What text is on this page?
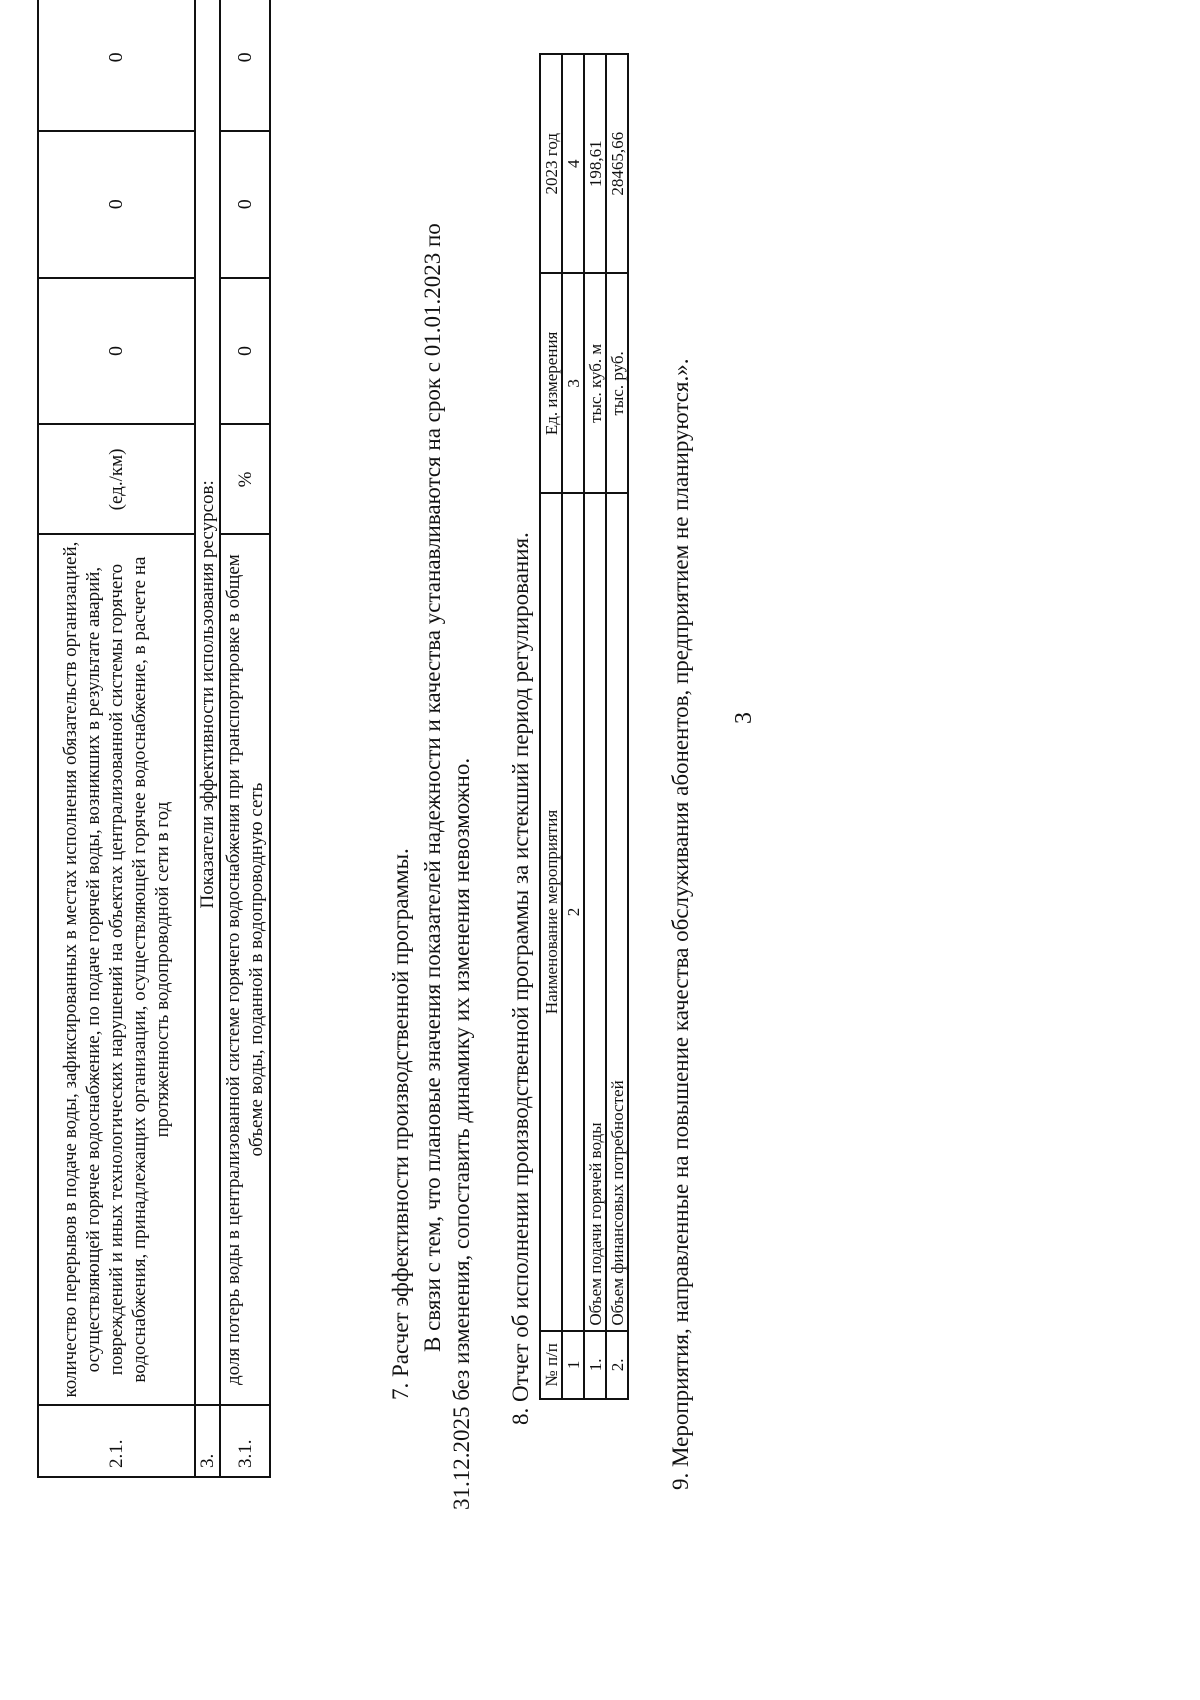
3
2.1.	количество перерывов в подаче воды, зафиксированных в местах исполнения обязательств организацией, осуществляющей горячее водоснабжение, по подаче горячей воды, возникших в результате аварий, повреждений и иных технологических нарушений на объектах централизованной системы горячего водоснабжения, принадлежащих организации, осуществляющей горячее водоснабжение, в расчете на протяженность водопроводной сети в год	(ед./км)	0	0	0
3.	Показатели эффективности использования ресурсов:				
3.1.	доля потерь воды в централизованной системе горячего водоснабжения при транспортировке в общем объеме воды, поданной в водопроводную сеть	%	0	0	0
7. Расчет эффективности производственной программы. В связи с тем, что плановые значения показателей надежности и качества устанавливаются на срок с 01.01.2023 по 31.12.2025 без изменения, сопоставить динамику их изменения невозможно. 8. Отчет об исполнении производственной программы за истекший период регулирования. № п/п	Наименование мероприятия	Ед. измерения	2023 год
1	2	3	4
1.	Объем подачи горячей воды	тыс. куб. м	198,61
2.	Объем финансовых потребностей	тыс. руб.	28465,66
9. Мероприятия, направленные на повышение качества обслуживания абонентов, предприятием не планируются.».
